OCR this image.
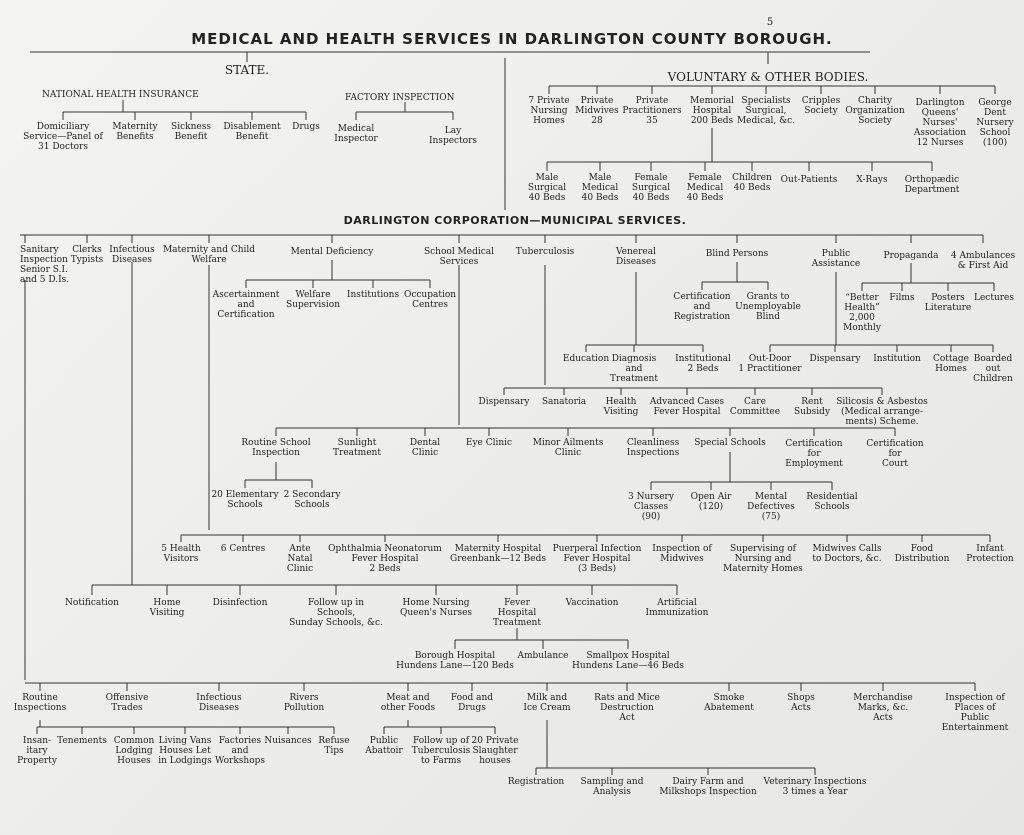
5
MEDICAL AND HEALTH SERVICES IN DARLINGTON COUNTY BOROUGH.
STATE.
NATIONAL HEALTH INSURANCE	FACTORY INSPECTION
Domiciliary
Service—Panel of
31 Doctors
Maternity
Benefits
Sickness
Benefit
Disablement
Benefit
Drugs	Medical
Inspector
Lay
Inspectors
VOLUNTARY & OTHER BODIES.
7 Private
Nursing
Homes
Private
Midwives
28
Private
Practitioners
35
Memorial
Hospital
200 Beds
Specialists
Surgical,
Medical, &c.
Cripples
Society
Charity
Organization
Society
Darlington
Queens'
Nurses'
Association
12 Nurses
George
Dent
Nursery
School
(100)
Male
Surgical
40 Beds
Male
Medical
40 Beds
Female
Surgical
40 Beds
Female
Medical
40 Beds
Children
40 Beds
Out-Patients X-Rays Orthopædic
Department
DARLINGTON CORPORATION—MUNICIPAL SERVICES.
Sanitary
Inspection
Senior S.I.
and 5 D.Is.
Clerks
Typists
Infectious
Diseases
Maternity and Child
Welfare
Mental Deficiency	School Medical
Services
Tuberculosis	Venereal
Diseases
Blind Persons	Public
Assistance
Propaganda 4 Ambulances
& First Aid
Ascertainment
and
Certification
Welfare
Supervision
Institutions Occupation
Centres
Certification
and
Registration
Grants to
Unemployable
Blind
“Better
Health”
2,000
Monthly
Films	Posters
Literature
Lectures
Education Diagnosis
and
Treatment
Institutional
2 Beds
Out-Door
1 Practitioner
Dispensary Institution Cottage
Homes
Boarded
out
Children
Dispensary Sanatoria Health
Visiting
Advanced Cases
Fever Hospital
Care
Committee
Rent
Subsidy
Silicosis & Asbestos
(Medical arrange-
ments) Scheme.
Routine School
Inspection
Sunlight
Treatment
Dental
Clinic
Eye Clinic Minor Ailments
Clinic
Cleanliness
Inspections
Special Schools Certification
for
Employment
Certification
for
Court
20 Elementary
Schools
2 Secondary
Schools
3 Nursery
Classes
(90)
Open Air
(120)
Mental
Defectives
(75)
Residential
Schools
5 Health
Visitors
6 Centres	Ante
Natal
Clinic
Ophthalmia Neonatorum
Fever Hospital
2 Beds
Maternity Hospital
Greenbank—12 Beds
Puerperal Infection
Fever Hospital
(3 Beds)
Inspection of
Midwives
Supervising of
Nursing and
Maternity Homes
Midwives Calls
to Doctors, &c.
Food
Distribution
Infant
Protection
Notification	Home
Visiting
Disinfection	Follow up in
Schools,
Sunday Schools, &c.
Home Nursing
Queen's Nurses
Fever
Hospital
Treatment
Vaccination	Artificial
Immunization
Borough Hospital
Hundens Lane—120 Beds
Ambulance	Smallpox Hospital
Hundens Lane—46 Beds
Routine
Inspections
Offensive
Trades
Infectious
Diseases
Rivers
Pollution
Meat and
other Foods
Food and
Drugs
Milk and
Ice Cream
Rats and Mice
Destruction
Act
Smoke
Abatement
Shops
Acts
Merchandise
Marks, &c.
Acts
Inspection of
Places of
Public
Entertainment
Insan-
itary
Property
Tenements Common
Lodging
Houses
Living Vans
Houses Let
in Lodgings
Factories
and
Workshops
Nuisances Refuse
Tips
Public
Abattoir
Follow up of
Tuberculosis
to Farms
20 Private
Slaughter
houses
Registration Sampling and
Analysis
Dairy Farm and
Milkshops Inspection
Veterinary Inspections
3 times a Year
